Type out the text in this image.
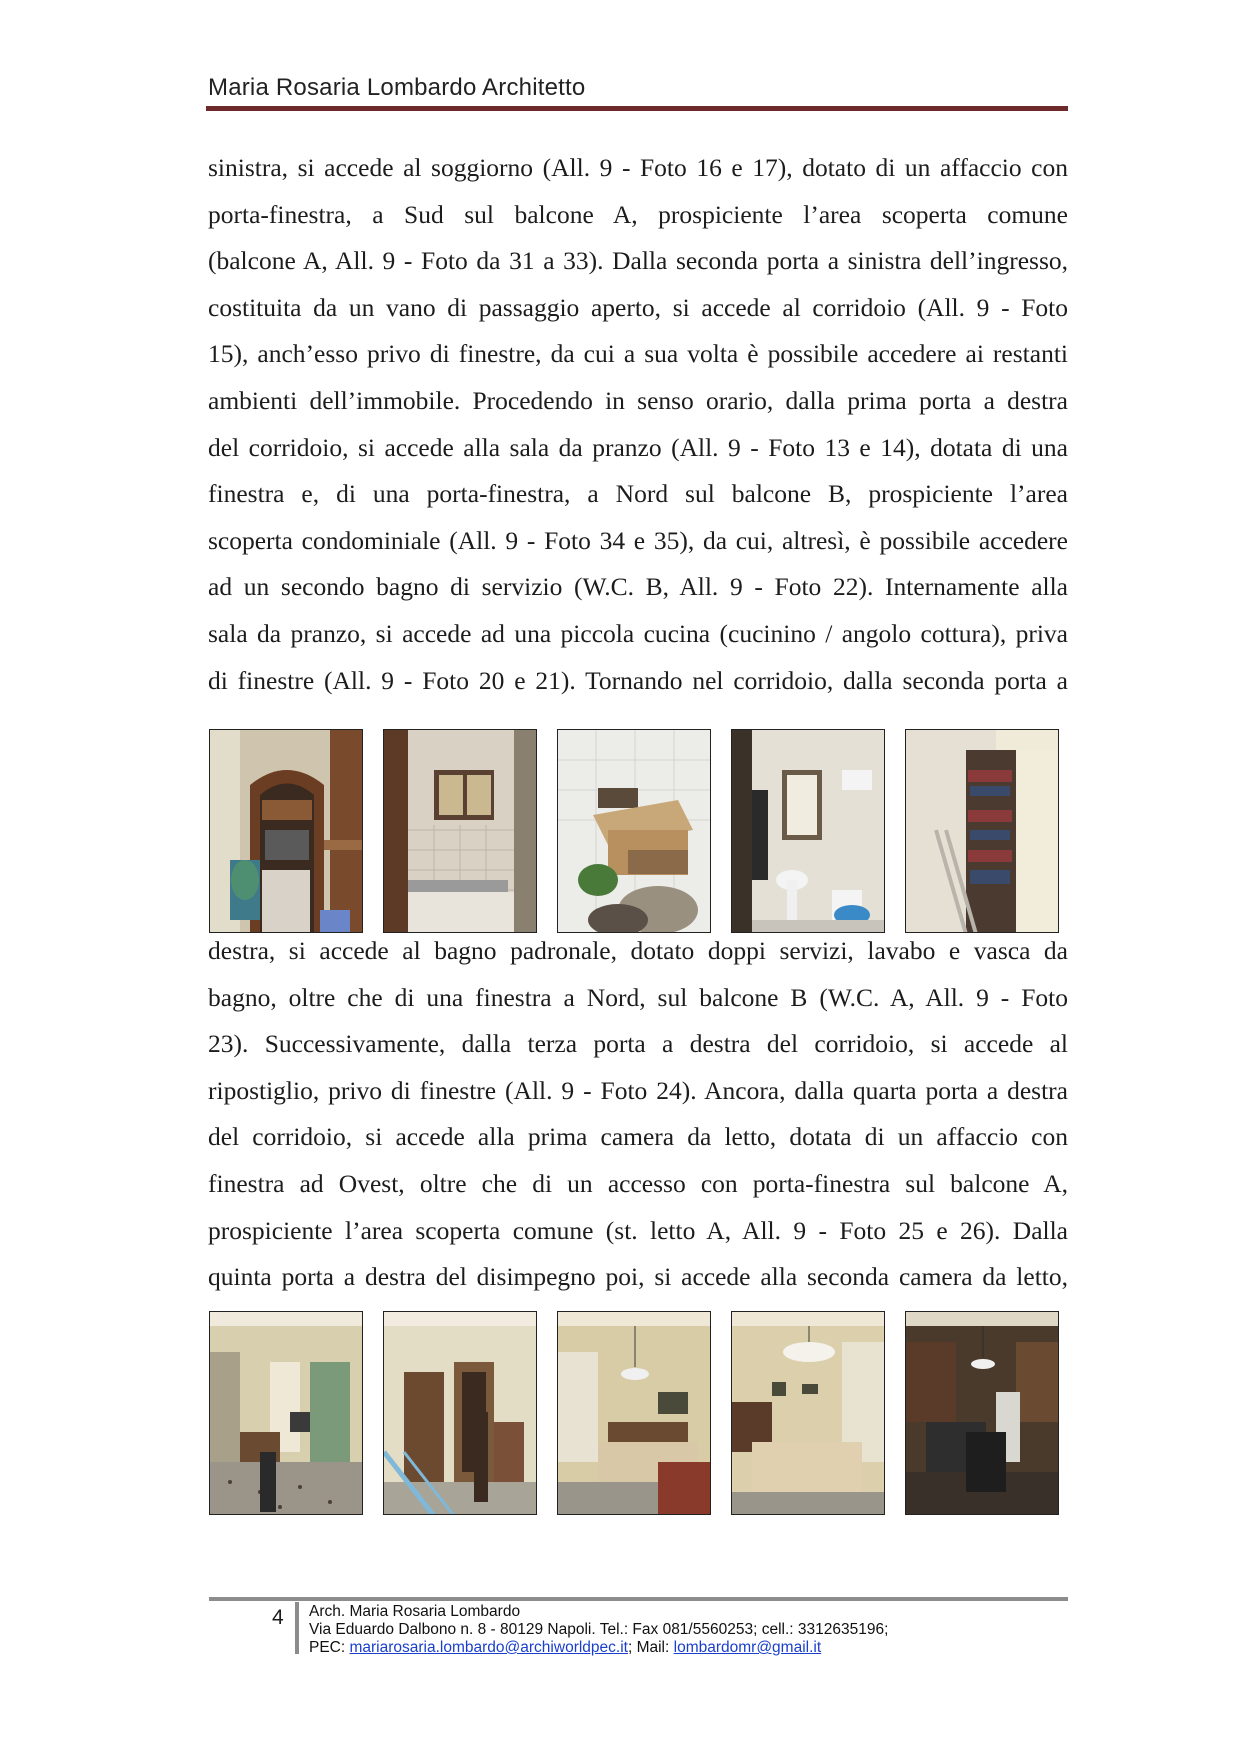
Maria Rosaria Lombardo Architetto
sinistra, si accede al soggiorno (All. 9 - Foto 16 e 17), dotato di un affaccio con
porta-finestra, a Sud sul balcone A, prospiciente l’area scoperta comune
(balcone A, All. 9 - Foto da 31 a 33). Dalla seconda porta a sinistra dell’ingresso,
costituita da un vano di passaggio aperto, si accede al corridoio (All. 9 - Foto
15), anch’esso privo di finestre, da cui a sua volta è possibile accedere ai restanti
ambienti dell’immobile. Procedendo in senso orario, dalla prima porta a destra
del corridoio, si accede alla sala da pranzo (All. 9 - Foto 13 e 14), dotata di una
finestra e, di una porta-finestra, a Nord sul balcone B, prospiciente l’area
scoperta condominiale (All. 9 - Foto 34 e 35), da cui, altresì, è possibile accedere
ad un secondo bagno di servizio (W.C. B, All. 9 - Foto 22). Internamente alla
sala da pranzo, si accede ad una piccola cucina (cucinino / angolo cottura), priva
di finestre (All. 9 - Foto 20 e 21). Tornando nel corridoio, dalla seconda porta a
destra, si accede al bagno padronale, dotato doppi servizi, lavabo e vasca da
bagno, oltre che di una finestra a Nord, sul balcone B (W.C. A, All. 9 - Foto
23). Successivamente, dalla terza porta a destra del corridoio, si accede al
ripostiglio, privo di finestre (All. 9 - Foto 24). Ancora, dalla quarta porta a destra
del corridoio, si accede alla prima camera da letto, dotata di un affaccio con
finestra ad Ovest, oltre che di un accesso con porta-finestra sul balcone A,
prospiciente l’area scoperta comune (st. letto A, All. 9 - Foto 25 e 26). Dalla
quinta porta a destra del disimpegno poi, si accede alla seconda camera da letto,
4 Arch. Maria Rosaria Lombardo
Via Eduardo Dalbono n. 8 - 80129 Napoli. Tel.: Fax 081/5560253; cell.: 3312635196;
PEC: mariarosaria.lombardo@archiworldpec.it; Mail: lombardomr@gmail.it
